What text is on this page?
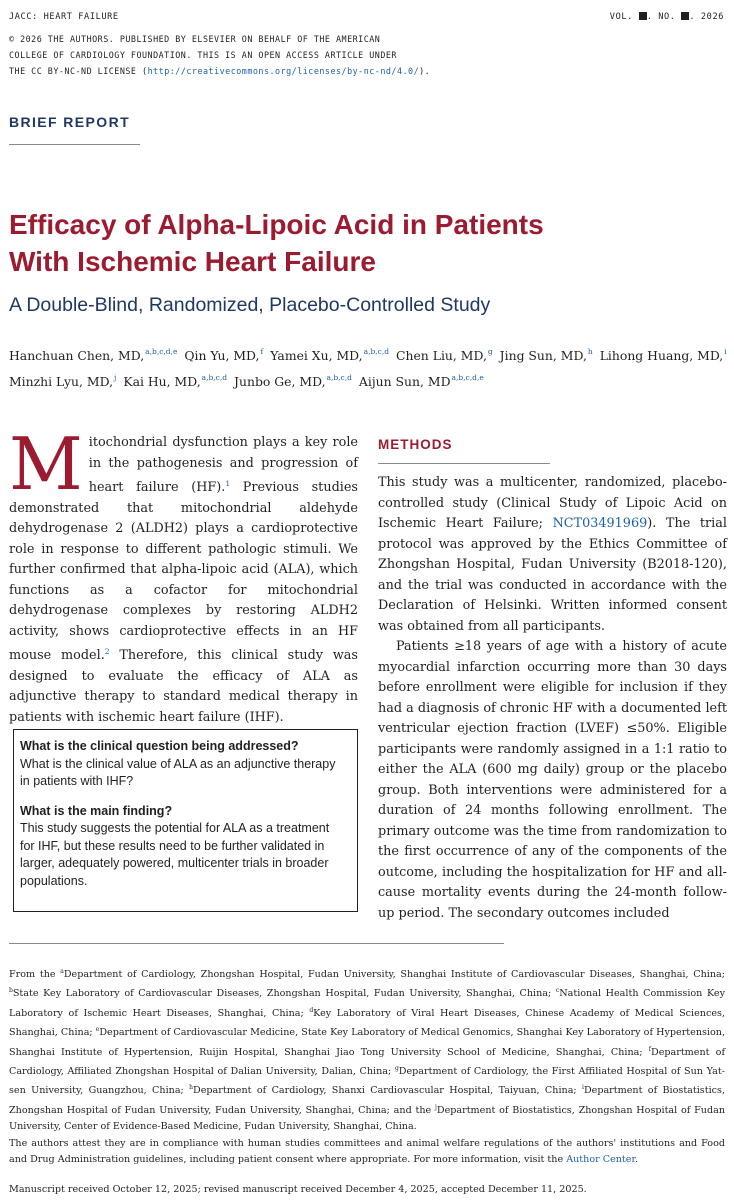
JACC: HEART FAILURE	VOL. . NO. . 2026
© 2026 THE AUTHORS. PUBLISHED BY ELSEVIER ON BEHALF OF THE AMERICAN
COLLEGE OF CARDIOLOGY FOUNDATION. THIS IS AN OPEN ACCESS ARTICLE UNDER
THE CC BY-NC-ND LICENSE (http://creativecommons.org/licenses/by-nc-nd/4.0/).
BRIEF REPORT
Efficacy of Alpha-Lipoic Acid in Patients
With Ischemic Heart Failure
A Double-Blind, Randomized, Placebo-Controlled Study
Hanchuan Chen, MD,$^{a,b,c,d,e}$ Qin Yu, MD,$^f$ Yamei Xu, MD,$^{a,b,c,d}$ Chen Liu, MD,$^g$ Jing Sun, MD,$^h$ Lihong Huang, MD,$^i$
Minzhi Lyu, MD,$^j$ Kai Hu, MD,$^{a,b,c,d}$ Junbo Ge, MD,$^{a,b,c,d}$ Aijun Sun, MD$^{a,b,c,d,e}$
Mitochondrial dysfunction plays a key role in the pathogenesis and progression of heart failure (HF).$^1$ Previous studies demonstrated that mitochondrial aldehyde dehydrogenase 2 (ALDH2) plays a cardioprotective role in response to different pathologic stimuli. We further confirmed that alpha-lipoic acid (ALA), which functions as a cofactor for mitochondrial dehydrogenase complexes by restoring ALDH2 activity, shows cardioprotective effects in an HF mouse model.$^2$ Therefore, this clinical study was designed to evaluate the efficacy of ALA as adjunctive therapy to standard medical therapy in patients with ischemic heart failure (IHF).
What is the clinical question being addressed?
What is the clinical value of ALA as an adjunctive therapy in patients with IHF?
What is the main finding?
This study suggests the potential for ALA as a treatment for IHF, but these results need to be further validated in larger, adequately powered, multicenter trials in broader populations.
METHODS

This study was a multicenter, randomized, placebo-controlled study (Clinical Study of Lipoic Acid on Ischemic Heart Failure; NCT03491969). The trial protocol was approved by the Ethics Committee of Zhongshan Hospital, Fudan University (B2018-120), and the trial was conducted in accordance with the Declaration of Helsinki. Written informed consent was obtained from all participants.

Patients ≥18 years of age with a history of acute myocardial infarction occurring more than 30 days before enrollment were eligible for inclusion if they had a diagnosis of chronic HF with a documented left ventricular ejection fraction (LVEF) ≤50%. Eligible participants were randomly assigned in a 1:1 ratio to either the ALA (600 mg daily) group or the placebo group. Both interventions were administered for a duration of 24 months following enrollment. The primary outcome was the time from randomization to the first occurrence of any of the components of the outcome, including the hospitalization for HF and all-cause mortality events during the 24-month follow-up period. The secondary outcomes included

From the $^a$Department of Cardiology, Zhongshan Hospital, Fudan University, Shanghai Institute of Cardiovascular Diseases, Shanghai, China; $^b$State Key Laboratory of Cardiovascular Diseases, Zhongshan Hospital, Fudan University, Shanghai, China; $^c$National Health Commission Key Laboratory of Ischemic Heart Diseases, Shanghai, China; $^d$Key Laboratory of Viral Heart Diseases, Chinese Academy of Medical Sciences, Shanghai, China; $^e$Department of Cardiovascular Medicine, State Key Laboratory of Medical Genomics, Shanghai Key Laboratory of Hypertension, Shanghai Institute of Hypertension, Ruijin Hospital, Shanghai Jiao Tong University School of Medicine, Shanghai, China; $^f$Department of Cardiology, Affiliated Zhongshan Hospital of Dalian University, Dalian, China; $^g$Department of Cardiology, the First Affiliated Hospital of Sun Yat-sen University, Guangzhou, China; $^h$Department of Cardiology, Shanxi Cardiovascular Hospital, Taiyuan, China; $^i$Department of Biostatistics, Zhongshan Hospital of Fudan University, Fudan University, Shanghai, China; and the $^j$Department of Biostatistics, Zhongshan Hospital of Fudan University, Center of Evidence-Based Medicine, Fudan University, Shanghai, China.
The authors attest they are in compliance with human studies committees and animal welfare regulations of the authors' institutions and Food and Drug Administration guidelines, including patient consent where appropriate. For more information, visit the Author Center.
Manuscript received October 12, 2025; revised manuscript received December 4, 2025, accepted December 11, 2025.
